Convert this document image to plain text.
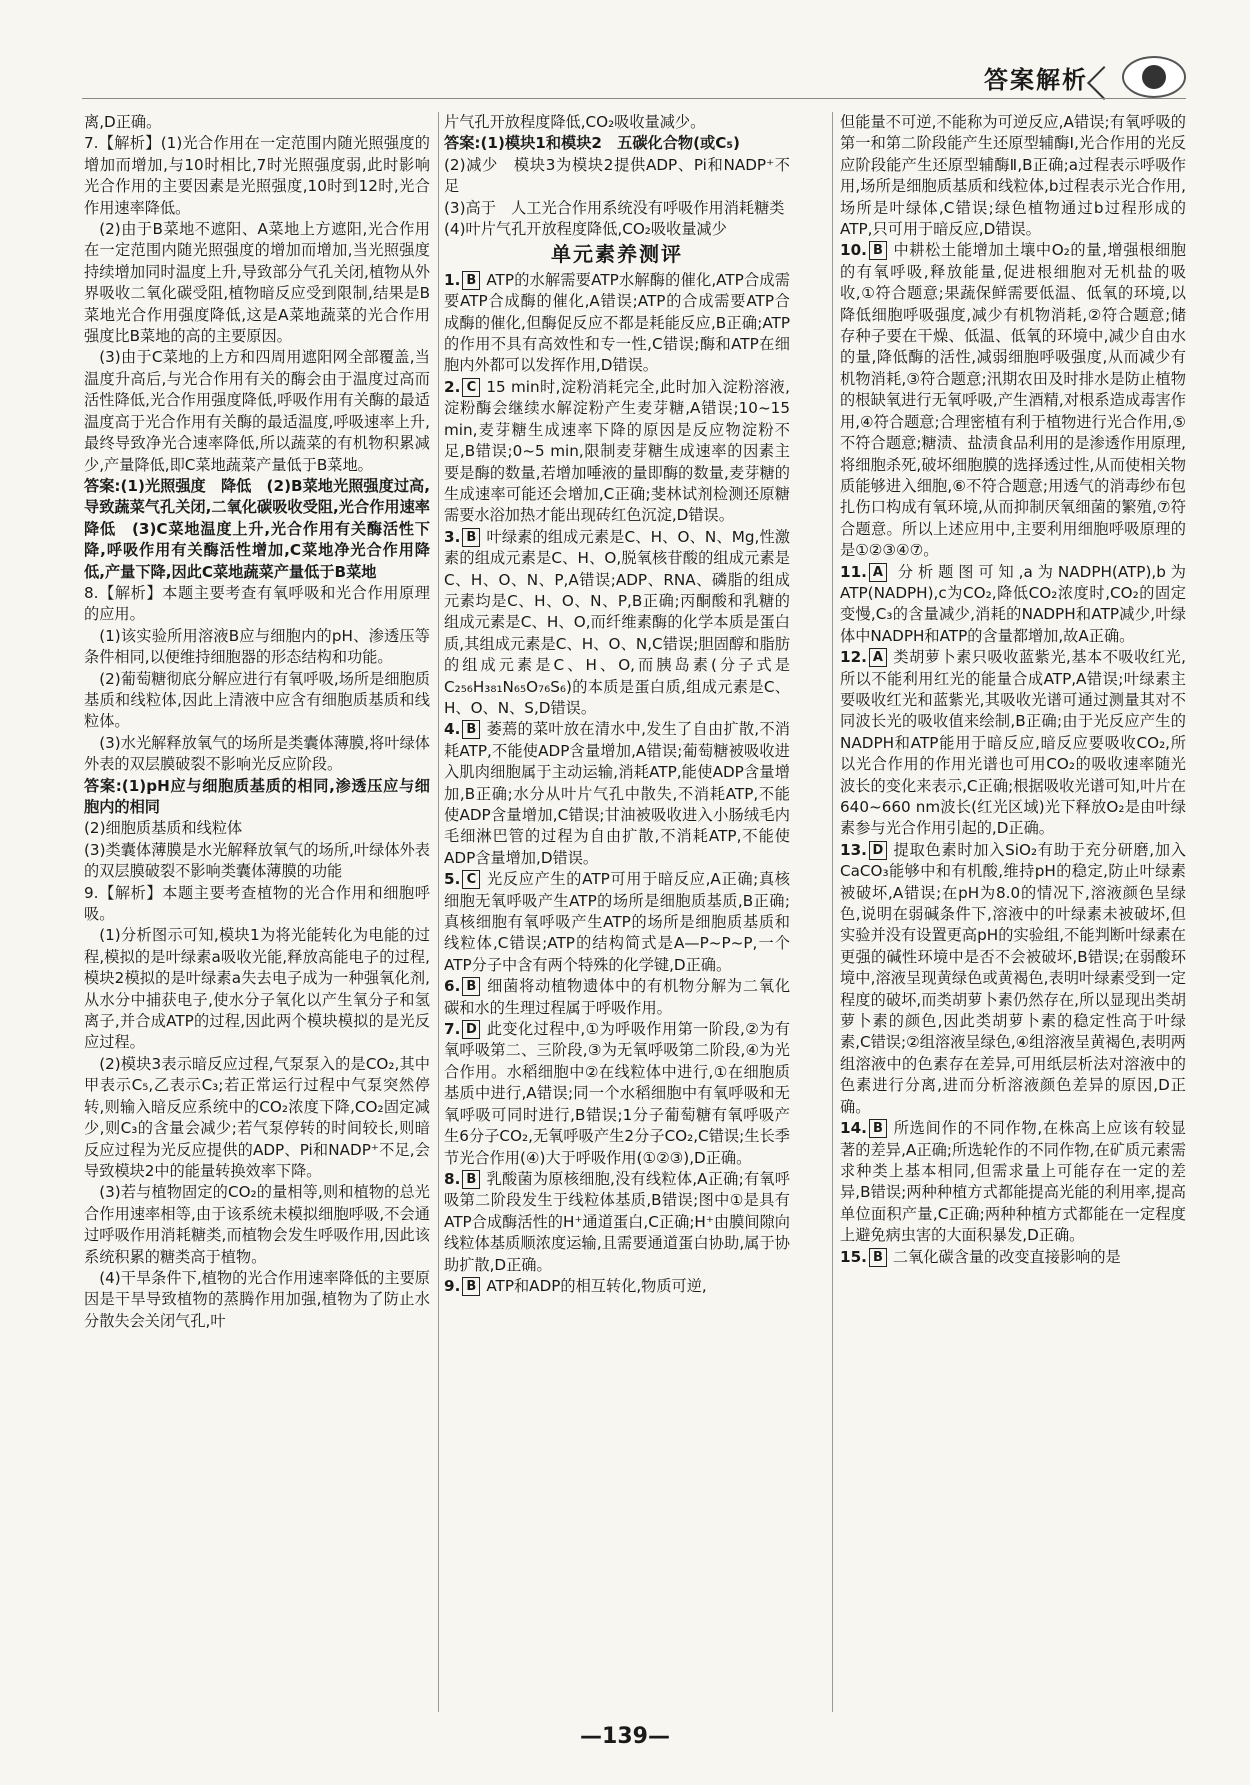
答案解析

离,D正确。

7.【解析】(1)光合作用在一定范围内随光照强度的增加而增加,与10时相比,7时光照强度弱,此时影响光合作用的主要因素是光照强度,10时到12时,光合作用速率降低。

(2)由于B菜地不遮阳、A菜地上方遮阳,光合作用在一定范围内随光照强度的增加而增加,当光照强度持续增加同时温度上升,导致部分气孔关闭,植物从外界吸收二氧化碳受阻,植物暗反应受到限制,结果是B菜地光合作用强度降低,这是A菜地蔬菜的光合作用强度比B菜地的高的主要原因。

(3)由于C菜地的上方和四周用遮阳网全部覆盖,当温度升高后,与光合作用有关的酶会由于温度过高而活性降低,光合作用强度降低,呼吸作用有关酶的最适温度高于光合作用有关酶的最适温度,呼吸速率上升,最终导致净光合速率降低,所以蔬菜的有机物积累减少,产量降低,即C菜地蔬菜产量低于B菜地。

答案:(1)光照强度　降低　(2)B菜地光照强度过高,导致蔬菜气孔关闭,二氧化碳吸收受阻,光合作用速率降低　(3)C菜地温度上升,光合作用有关酶活性下降,呼吸作用有关酶活性增加,C菜地净光合作用降低,产量下降,因此C菜地蔬菜产量低于B菜地

8.【解析】本题主要考查有氧呼吸和光合作用原理的应用。

(1)该实验所用溶液B应与细胞内的pH、渗透压等条件相同,以便维持细胞器的形态结构和功能。

(2)葡萄糖彻底分解应进行有氧呼吸,场所是细胞质基质和线粒体,因此上清液中应含有细胞质基质和线粒体。

(3)水光解释放氧气的场所是类囊体薄膜,将叶绿体外表的双层膜破裂不影响光反应阶段。

答案:(1)pH应与细胞质基质的相同,渗透压应与细胞内的相同

(2)细胞质基质和线粒体

(3)类囊体薄膜是水光解释放氧气的场所,叶绿体外表的双层膜破裂不影响类囊体薄膜的功能

9.【解析】本题主要考查植物的光合作用和细胞呼吸。

(1)分析图示可知,模块1为将光能转化为电能的过程,模拟的是叶绿素a吸收光能,释放高能电子的过程,模块2模拟的是叶绿素a失去电子成为一种强氧化剂,从水分中捕获电子,使水分子氧化以产生氧分子和氢离子,并合成ATP的过程,因此两个模块模拟的是光反应过程。

(2)模块3表示暗反应过程,气泵泵入的是CO₂,其中甲表示C₅,乙表示C₃;若正常运行过程中气泵突然停转,则输入暗反应系统中的CO₂浓度下降,CO₂固定减少,则C₃的含量会减少;若气泵停转的时间较长,则暗反应过程为光反应提供的ADP、Pi和NADP⁺不足,会导致模块2中的能量转换效率下降。

(3)若与植物固定的CO₂的量相等,则和植物的总光合作用速率相等,由于该系统未模拟细胞呼吸,不会通过呼吸作用消耗糖类,而植物会发生呼吸作用,因此该系统积累的糖类高于植物。

(4)干旱条件下,植物的光合作用速率降低的主要原因是干旱导致植物的蒸腾作用加强,植物为了防止水分散失会关闭气孔,叶

片气孔开放程度降低,CO₂吸收量减少。

答案:(1)模块1和模块2　五碳化合物(或C₅)

(2)减少　模块3为模块2提供ADP、Pi和NADP⁺不足

(3)高于　人工光合作用系统没有呼吸作用消耗糖类

(4)叶片气孔开放程度降低,CO₂吸收量减少

单元素养测评

1. B ATP的水解需要ATP水解酶的催化,ATP合成需要ATP合成酶的催化,A错误;ATP的合成需要ATP合成酶的催化,但酶促反应不都是耗能反应,B正确;ATP的作用不具有高效性和专一性,C错误;酶和ATP在细胞内外都可以发挥作用,D错误。

2. C 15 min时,淀粉消耗完全,此时加入淀粉溶液,淀粉酶会继续水解淀粉产生麦芽糖,A错误;10~15 min,麦芽糖生成速率下降的原因是反应物淀粉不足,B错误;0~5 min,限制麦芽糖生成速率的因素主要是酶的数量,若增加唾液的量即酶的数量,麦芽糖的生成速率可能还会增加,C正确;斐林试剂检测还原糖需要水浴加热才能出现砖红色沉淀,D错误。

3. B 叶绿素的组成元素是C、H、O、N、Mg,性激素的组成元素是C、H、O,脱氧核苷酸的组成元素是C、H、O、N、P,A错误;ADP、RNA、磷脂的组成元素均是C、H、O、N、P,B正确;丙酮酸和乳糖的组成元素是C、H、O,而纤维素酶的化学本质是蛋白质,其组成元素是C、H、O、N,C错误;胆固醇和脂肪的组成元素是C、H、O,而胰岛素(分子式是C₂₅₆H₃₈₁N₆₅O₇₆S₆)的本质是蛋白质,组成元素是C、H、O、N、S,D错误。

4. B 萎蔫的菜叶放在清水中,发生了自由扩散,不消耗ATP,不能使ADP含量增加,A错误;葡萄糖被吸收进入肌肉细胞属于主动运输,消耗ATP,能使ADP含量增加,B正确;水分从叶片气孔中散失,不消耗ATP,不能使ADP含量增加,C错误;甘油被吸收进入小肠绒毛内毛细淋巴管的过程为自由扩散,不消耗ATP,不能使ADP含量增加,D错误。

5. C 光反应产生的ATP可用于暗反应,A正确;真核细胞无氧呼吸产生ATP的场所是细胞质基质,B正确;真核细胞有氧呼吸产生ATP的场所是细胞质基质和线粒体,C错误;ATP的结构简式是A—P~P~P,一个ATP分子中含有两个特殊的化学键,D正确。

6. B 细菌将动植物遗体中的有机物分解为二氧化碳和水的生理过程属于呼吸作用。

7. D 此变化过程中,①为呼吸作用第一阶段,②为有氧呼吸第二、三阶段,③为无氧呼吸第二阶段,④为光合作用。水稻细胞中②在线粒体中进行,①在细胞质基质中进行,A错误;同一个水稻细胞中有氧呼吸和无氧呼吸可同时进行,B错误;1分子葡萄糖有氧呼吸产生6分子CO₂,无氧呼吸产生2分子CO₂,C错误;生长季节光合作用(④)大于呼吸作用(①②③),D正确。

8. B 乳酸菌为原核细胞,没有线粒体,A正确;有氧呼吸第二阶段发生于线粒体基质,B错误;图中①是具有ATP合成酶活性的H⁺通道蛋白,C正确;H⁺由膜间隙向线粒体基质顺浓度运输,且需要通道蛋白协助,属于协助扩散,D正确。

9. B ATP和ADP的相互转化,物质可逆,

但能量不可逆,不能称为可逆反应,A错误;有氧呼吸的第一和第二阶段能产生还原型辅酶Ⅰ,光合作用的光反应阶段能产生还原型辅酶Ⅱ,B正确;a过程表示呼吸作用,场所是细胞质基质和线粒体,b过程表示光合作用,场所是叶绿体,C错误;绿色植物通过b过程形成的ATP,只可用于暗反应,D错误。

10. B 中耕松土能增加土壤中O₂的量,增强根细胞的有氧呼吸,释放能量,促进根细胞对无机盐的吸收,①符合题意;果蔬保鲜需要低温、低氧的环境,以降低细胞呼吸强度,减少有机物消耗,②符合题意;储存种子要在干燥、低温、低氧的环境中,减少自由水的量,降低酶的活性,减弱细胞呼吸强度,从而减少有机物消耗,③符合题意;汛期农田及时排水是防止植物的根缺氧进行无氧呼吸,产生酒精,对根系造成毒害作用,④符合题意;合理密植有利于植物进行光合作用,⑤不符合题意;糖渍、盐渍食品利用的是渗透作用原理,将细胞杀死,破坏细胞膜的选择透过性,从而使相关物质能够进入细胞,⑥不符合题意;用透气的消毒纱布包扎伤口构成有氧环境,从而抑制厌氧细菌的繁殖,⑦符合题意。所以上述应用中,主要利用细胞呼吸原理的是①②③④⑦。

11. A 分析题图可知,a为NADPH(ATP),b为ATP(NADPH),c为CO₂,降低CO₂浓度时,CO₂的固定变慢,C₃的含量减少,消耗的NADPH和ATP减少,叶绿体中NADPH和ATP的含量都增加,故A正确。

12. A 类胡萝卜素只吸收蓝紫光,基本不吸收红光,所以不能利用红光的能量合成ATP,A错误;叶绿素主要吸收红光和蓝紫光,其吸收光谱可通过测量其对不同波长光的吸收值来绘制,B正确;由于光反应产生的NADPH和ATP能用于暗反应,暗反应要吸收CO₂,所以光合作用的作用光谱也可用CO₂的吸收速率随光波长的变化来表示,C正确;根据吸收光谱可知,叶片在640~660 nm波长(红光区域)光下释放O₂是由叶绿素参与光合作用引起的,D正确。

13. D 提取色素时加入SiO₂有助于充分研磨,加入CaCO₃能够中和有机酸,维持pH的稳定,防止叶绿素被破坏,A错误;在pH为8.0的情况下,溶液颜色呈绿色,说明在弱碱条件下,溶液中的叶绿素未被破坏,但实验并没有设置更高pH的实验组,不能判断叶绿素在更强的碱性环境中是否不会被破坏,B错误;在弱酸环境中,溶液呈现黄绿色或黄褐色,表明叶绿素受到一定程度的破坏,而类胡萝卜素仍然存在,所以显现出类胡萝卜素的颜色,因此类胡萝卜素的稳定性高于叶绿素,C错误;②组溶液呈绿色,④组溶液呈黄褐色,表明两组溶液中的色素存在差异,可用纸层析法对溶液中的色素进行分离,进而分析溶液颜色差异的原因,D正确。

14. B 所选间作的不同作物,在株高上应该有较显著的差异,A正确;所选轮作的不同作物,在矿质元素需求种类上基本相同,但需求量上可能存在一定的差异,B错误;两种种植方式都能提高光能的利用率,提高单位面积产量,C正确;两种种植方式都能在一定程度上避免病虫害的大面积暴发,D正确。

15. B 二氧化碳含量的改变直接影响的是

—139—
